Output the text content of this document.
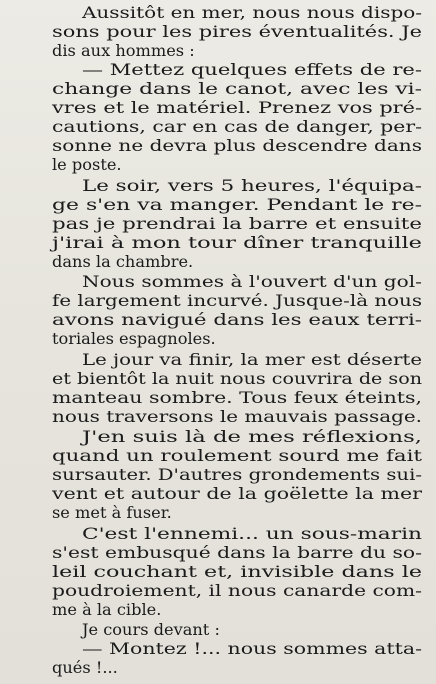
Aussitôt en mer, nous nous dispo-
sons pour les pires éventualités. Je
dis aux hommes :
— Mettez quelques effets de re-
change dans le canot, avec les vi-
vres et le matériel. Prenez vos pré-
cautions, car en cas de danger, per-
sonne ne devra plus descendre dans
le poste.
Le soir, vers 5 heures, l'équipa-
ge s'en va manger. Pendant le re-
pas je prendrai la barre et ensuite
j'irai à mon tour dîner tranquille
dans la chambre.
Nous sommes à l'ouvert d'un gol-
fe largement incurvé. Jusque-là nous
avons navigué dans les eaux terri-
toriales espagnoles.
Le jour va finir, la mer est déserte
et bientôt la nuit nous couvrira de son
manteau sombre. Tous feux éteints,
nous traversons le mauvais passage.
J'en suis là de mes réflexions,
quand un roulement sourd me fait
sursauter. D'autres grondements sui-
vent et autour de la goëlette la mer
se met à fuser.
C'est l'ennemi... un sous-marin
s'est embusqué dans la barre du so-
leil couchant et, invisible dans le
poudroiement, il nous canarde com-
me à la cible.
Je cours devant :
— Montez !... nous sommes atta-
qués !...
